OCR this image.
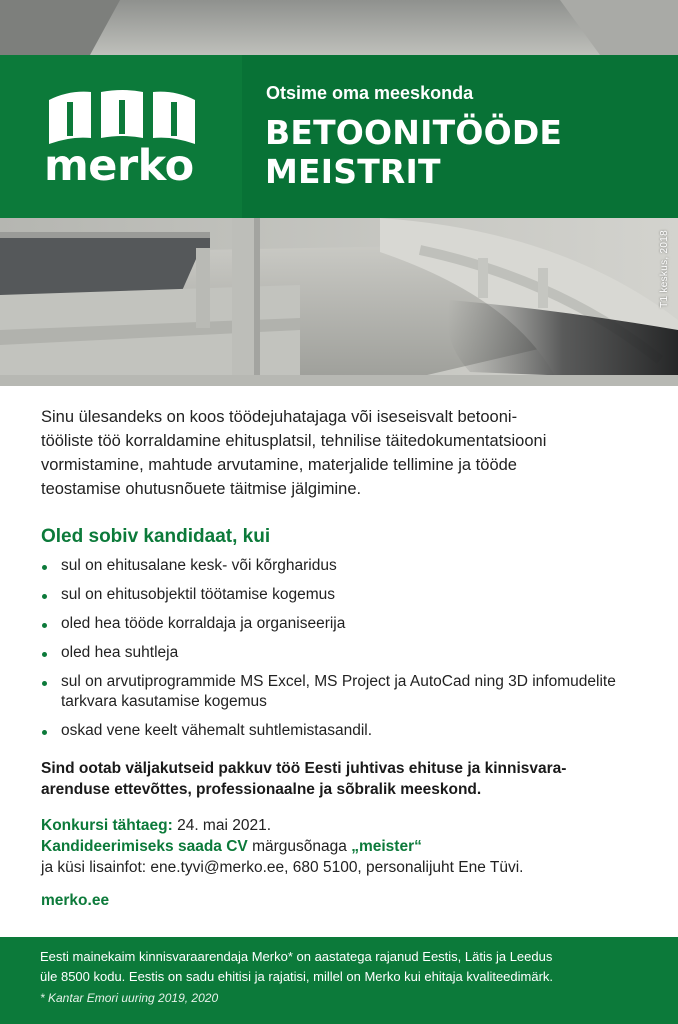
T1 keskus, 2018
merko
Otsime oma meeskonda
BETOONITÖÖDE
MEISTRIT
Sinu ülesandeks on koos töödejuhatajaga või iseseisvalt betooni-
tööliste töö korraldamine ehitusplatsil, tehnilise täitedokumentatsiooni
vormistamine, mahtude arvutamine, materjalide tellimine ja tööde
teostamise ohutusnõuete täitmise jälgimine.
Oled sobiv kandidaat, kui
sul on ehitusalane kesk- või kõrgharidus
sul on ehitusobjektil töötamise kogemus
oled hea tööde korraldaja ja organiseerija
oled hea suhtleja
sul on arvutiprogrammide MS Excel, MS Project ja AutoCad ning 3D infomudelite tarkvara kasutamise kogemus
oskad vene keelt vähemalt suhtlemistasandil.
Sind ootab väljakutseid pakkuv töö Eesti juhtivas ehituse ja kinnisvara-
arenduse ettevõttes, professionaalne ja sõbralik meeskond.
Konkursi tähtaeg: 24. mai 2021.
Kandideerimiseks saada CV märgusõnaga „meister“
ja küsi lisainfot: ene.tyvi@merko.ee, 680 5100, personalijuht Ene Tüvi.
merko.ee
Eesti mainekaim kinnisvaraarendaja Merko* on aastatega rajanud Eestis, Lätis ja Leedus
üle 8500 kodu. Eestis on sadu ehitisi ja rajatisi, millel on Merko kui ehitaja kvaliteedimärk.
* Kantar Emori uuring 2019, 2020
